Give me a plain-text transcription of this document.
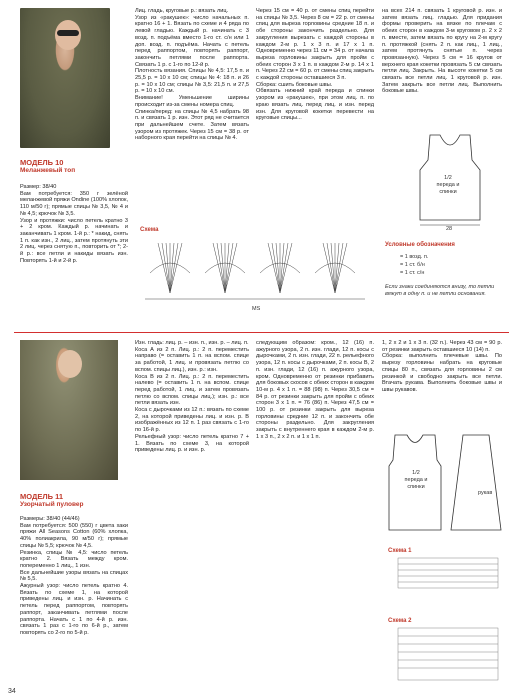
МОДЕЛЬ 10
Меланжевый топ
Размер: 38/40
Вам потребуется: 350 г зелёной меланжевой пряжи Ondine (100% хлопок, 110 м/50 г); прямые спицы № 3,5, № 4 и № 4,5; крючок № 3,5.
Узор и протяжки: число петель кратно 3 + 2 кром. Каждый р. начинать и заканчивать 1 кром. 1-й р.: * накид, снять 1 п. как изн., 2 лиц., затем протянуть эти 2 лиц. через снятую п., повторить от *; 2-й р.: все петли и накиды вязать изн. Повторять 1-й и 2-й р.
Лиц. гладь, круговые р.: вязать лиц.
Узор из «ракушек»: число начальных п. кратно 16 + 1. Вязать по схеме и 4 ряда по левой гладью. Каждый р. начинать с 3 возд. п. подъёма вместо 1-го ст. с/н или 1 доп. возд. п. подъёма. Начать с петель перед раппортом, повторять раппорт, закончить петлями после раппорта. Связать 1 р. с 1-го по 12-й р.
Плотность вязания. Спицы № 4,5: 17,5 п. и 25,5 р. = 10 х 10 см; спицы № 4: 18 п. и 26 р. = 10 х 10 см; спицы № 3,5: 21,5 п. и 27,5 р. = 10 х 10 см.
Внимание! Уменьшение ширины происходит из-за смены номера спиц.
Спинка/перед: на спицы № 4,5 набрать 98 п. и связать 1 р. изн. Этот ряд не считается при дальнейшем счете. Затем вязать узором из протяжек. Через 15 см = 38 р. от наборного края перейти на спицы № 4.
Через 15 см = 40 р. от смены спиц перейти на спицы № 3,5. Через 8 см = 22 р. от смены спиц для выреза горловины средние 18 п. и обе стороны закончить раздельно. Для закругления вырезать с каждой стороны в каждом 2-м р. 1 х 3 п. и 17 х 1 п. Одновременно через 11 см = 34 р. от начала выреза горловины закрыть для пройм с обеих сторон 3 х 1 п. в каждом 2-м р. 14 х 1 п. Через 22 см = 60 р. от смены спиц закрыть с каждой стороны оставшиеся 3 п.
Сборка: сшить боковые швы.
Обвязать нижний край переда и спинки узором из «ракушек», при этом лиц. п. по краю вязать лиц. перед лиц. и изн. перед изн. Для круговой кокетки перевести на круговые спицы...
на всех 214 п. связать 1 круговой р. изн. и затем вязать лиц. гладью. Для придания формы проверить на вязке по плечам с обеих сторон в каждом 3-м круговом р. 2 х 2 п. вместе, затем вязать по кругу на 2-м кругу п. протяжкой (снять 2 п. как лиц., 1 лиц., затем протянуть снятые п. через провязанную). Через 5 см = 16 кругов от верхнего края кокетки провязать 5 см связать петли лиц. Закрыть. На высоте кокетки 5 см связать все петли лиц. 1 круговой р. изн. Затем закрыть все петли лиц. Выполнить боковые швы.
1/2
переда и спинки
28
Схема
MS
Условные обозначения
= 1 возд. п.
= 1 ст. б/н
= 1 ст. с/н
Если знаки соединяются внизу, то петли вяжут в одну п. и не петли основания.
МОДЕЛЬ 11
Узорчатый пуловер
Размеры: 38/40 (44/46)
Вам потребуется: 500 (550) г цвета хаки пряжи All Seasons Cotton (60% хлопка, 40% полиакрила, 90 м/50 г); прямые спицы № 5,5; крючок № 4,5.
Резинка, спицы № 4,5: число петель кратно 2. Вязать между кром. попеременно 1 лиц., 1 изн.
Все дальнейшие узоры вязать на спицах № 5,5.
Ажурный узор: число петель кратно 4. Вязать по схеме 1, на которой приведены лиц. и изн. р. Начинать с петель перед раппортом, повторять раппорт, заканчивать петлями после раппорта. Начать с 1 по 4-й р. изн. связать 1 раз с 1-го по 6-й р., затем повторять со 2-го по 5-й р.
Изн. гладь: лиц. р. – изн. п., изн. р. – лиц. п.
Коса А из 2 п. Лиц. р.: 2 п. переместить направо (= оставить 1 п. на вспом. спице за работой, 1 лиц. и провязать петлю со вспом. спицы лиц.), изн. р.: изн.
Коса В из 2 п. Лиц. р.: 2 п. переместить налево (= оставить 1 п. на вспом. спице перед работой, 1 лиц. и затем провязать петлю со вспом. спицы лиц.); изн. р.: все петли вязать изн.
Коса с дырочками из 12 п.: вязать по схеме 2, на которой приведены лиц. и изн. р. В изображённых из 12 п. 1 раз связать с 1-го по 16-й р.
Рельефный узор: число петель кратно 7 + 1. Вязать по схеме 3, на которой приведены лиц. р. и изн. р.
следующим образом: кром., 12 (16) п. ажурного узора, 2 п. изн. глади, 12 п. косы с дырочками, 2 п. изн. глади, 22 п. рельефного узора, 12 п. косы с дырочками, 2 п. косы В, 2 п. изн. глади, 12 (16) п. ажурного узора, кром. Одновременно от резинки прибавить для боковых скосов с обеих сторон в каждом 10-м р. 4 х 1 п. = 88 (98) п. Через 30,5 см = 84 р. от резинки закрыть для пройм с обеих сторон 3 х 1 п. = 76 (86) п. Через 47,5 см = 100 р. от резинки закрыть для выреза горловины средние 12 п. и закончить обе стороны раздельно. Для закругления закрыть с внутреннего края в каждом 2-м р. 1 х 3 п., 2 х 2 п. и 1 х 1 п.
1, 2 х 2 и 1 х 3 п. (32 п.). Через 43 см = 90 р. от резинки закрыть оставшиеся 10 (14) п.
Сборка: выполнить плечевые швы. По вырезу горловины набрать на круговые спицы 80 п., связать для горловины 2 см резинкой и свободно закрыть все петли. Втачать рукава. Выполнить боковые швы и швы рукавов.
1/2
переда и спинки
рукав
Схема 1
Схема 2
34
